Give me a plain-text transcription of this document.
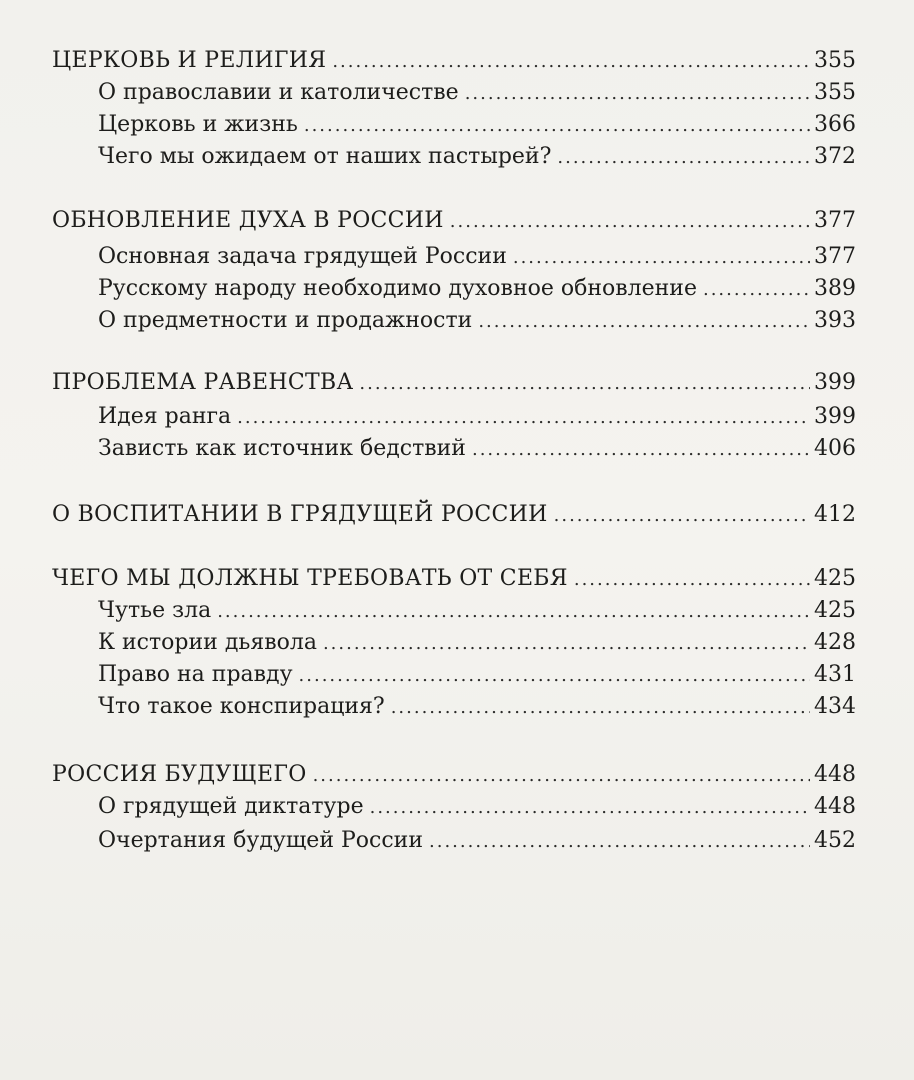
ЦЕРКОВЬ И РЕЛИГИЯ .....	355
О православии и католичестве .....	355
Церковь и жизнь .....	366
Чего мы ожидаем от наших пастырей? .....	372
ОБНОВЛЕНИЕ ДУХА В РОССИИ .....	377
Основная задача грядущей России .....	377
Русскому народу необходимо духовное обновление .....	389
О предметности и продажности .....	393
ПРОБЛЕМА РАВЕНСТВА .....	399
Идея ранга .....	399
Зависть как источник бедствий .....	406
О ВОСПИТАНИИ В ГРЯДУЩЕЙ РОССИИ .....	412
ЧЕГО МЫ ДОЛЖНЫ ТРЕБОВАТЬ ОТ СЕБЯ .....	425
Чутье зла .....	425
К истории дьявола .....	428
Право на правду .....	431
Что такое конспирация? .....	434
РОССИЯ БУДУЩЕГО .....	448
О грядущей диктатуре .....	448
Очертания будущей России .....	452
